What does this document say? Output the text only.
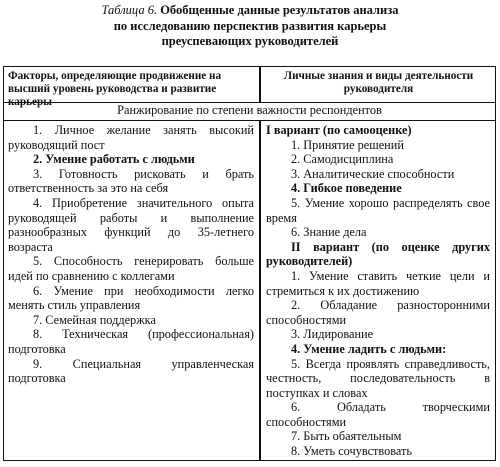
Таблица 6. Обобщенные данные результатов анализа
по исследованию перспектив развития карьеры
преуспевающих руководителей
Факторы, определяющие продвижение на высший уровень руководства и развитие карьеры
Личные знания и виды деятельности руководителя
Ранжирование по степени важности респондентов

1. Личное желание занять высокий руководящий пост

2. Умение работать с людьми

3. Готовность рисковать и брать ответственность за это на себя

4. Приобретение значительного опыта руководящей работы и выполнение разнообразных функций до 35-летнего возраста

5. Способность генерировать больше идей по сравнению с коллегами

6. Умение при необходимости легко менять стиль управления

7. Семейная поддержка

8. Техническая (профессиональная) подготовка

9. Специальная управленческая подготовка

I вариант (по самооценке)

1. Принятие решений

2. Самодисциплина

3. Аналитические способности

4. Гибкое поведение

5. Умение хорошо распределять свое время

6. Знание дела

II вариант (по оценке других руководителей)

1. Умение ставить четкие цели и стремиться к их достижению

2. Обладание разносторонними способностями

3. Лидирование

4. Умение ладить с людьми:

5. Всегда проявлять справедливость, честность, последовательность в поступках и словах

6. Обладать творческими способностями

7. Быть обаятельным

8. Уметь сочувствовать
